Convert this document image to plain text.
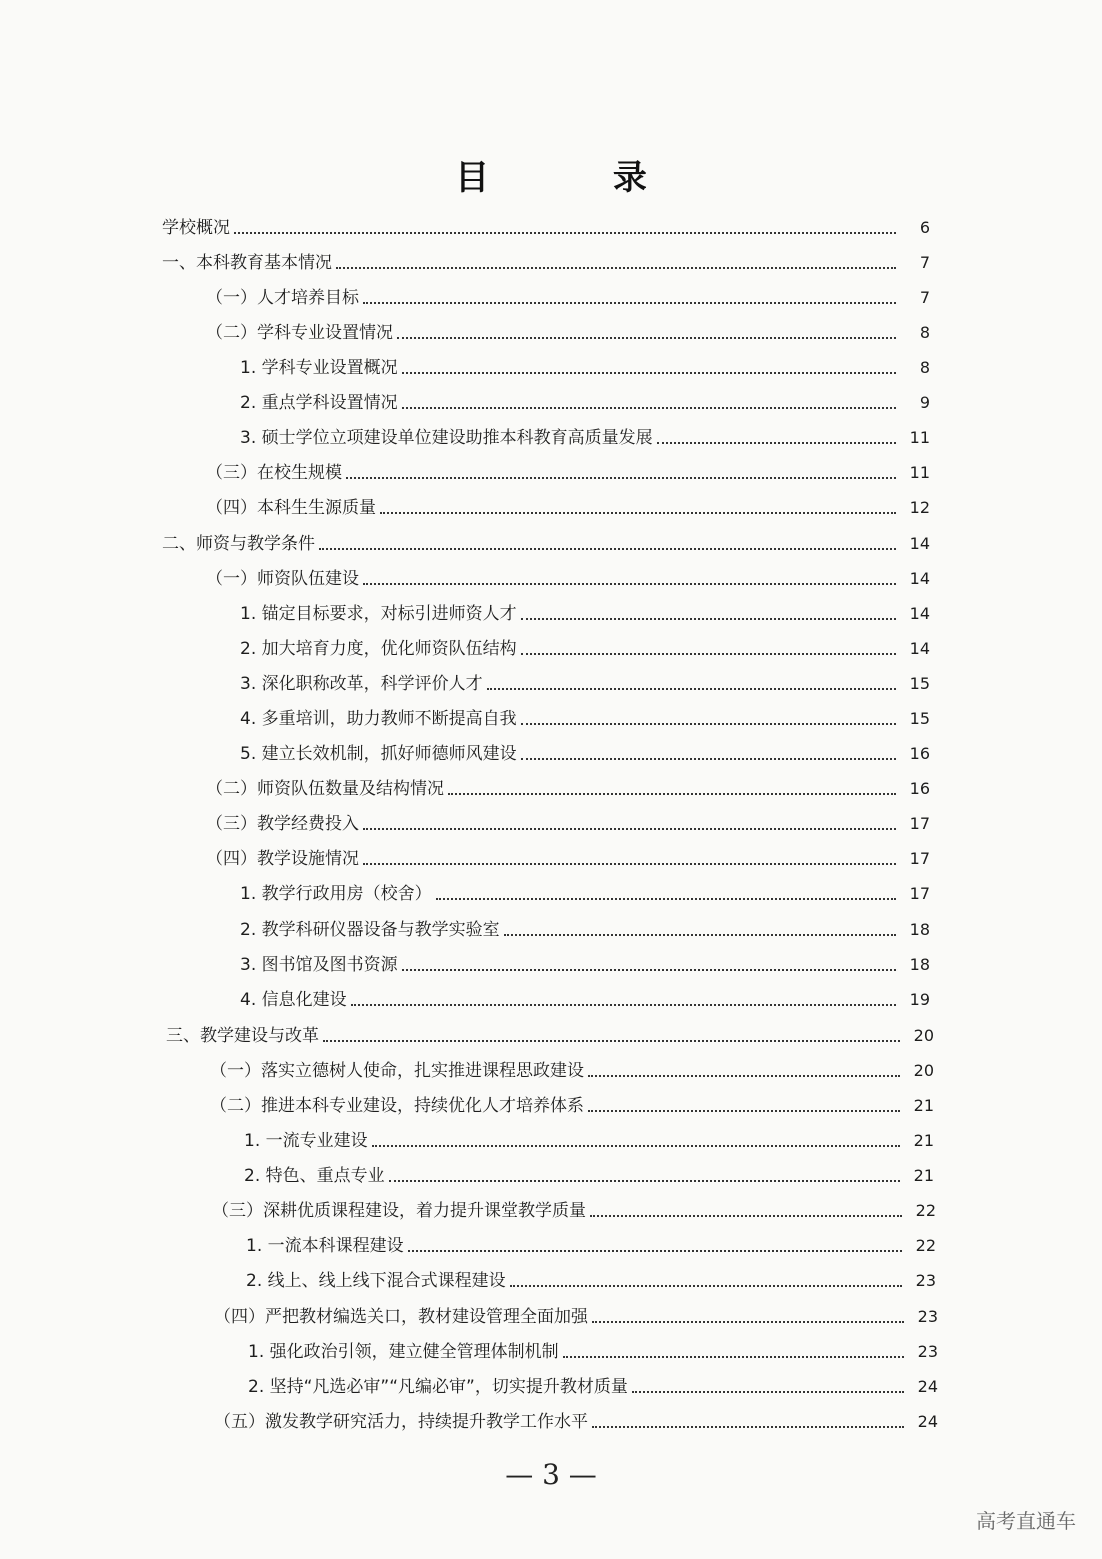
目 录
学校概况	6
一、本科教育基本情况	7
（一）人才培养目标	7
（二）学科专业设置情况	8
1. 学科专业设置概况	8
2. 重点学科设置情况	9
3. 硕士学位立项建设单位建设助推本科教育高质量发展	11
（三）在校生规模	11
（四）本科生生源质量	12
二、师资与教学条件	14
（一）师资队伍建设	14
1. 锚定目标要求，对标引进师资人才	14
2. 加大培育力度，优化师资队伍结构	14
3. 深化职称改革，科学评价人才	15
4. 多重培训，助力教师不断提高自我	15
5. 建立长效机制，抓好师德师风建设	16
（二）师资队伍数量及结构情况	16
（三）教学经费投入	17
（四）教学设施情况	17
1. 教学行政用房（校舍）	17
2. 教学科研仪器设备与教学实验室	18
3. 图书馆及图书资源	18
4. 信息化建设	19
三、教学建设与改革	20
（一）落实立德树人使命，扎实推进课程思政建设	20
（二）推进本科专业建设，持续优化人才培养体系	21
1. 一流专业建设	21
2. 特色、重点专业	21
（三）深耕优质课程建设，着力提升课堂教学质量	22
1. 一流本科课程建设	22
2. 线上、线上线下混合式课程建设	23
（四）严把教材编选关口，教材建设管理全面加强	23
1. 强化政治引领，建立健全管理体制机制	23
2. 坚持“凡选必审”“凡编必审”，切实提升教材质量	24
（五）激发教学研究活力，持续提升教学工作水平	24
— 3 —
高考直通车
